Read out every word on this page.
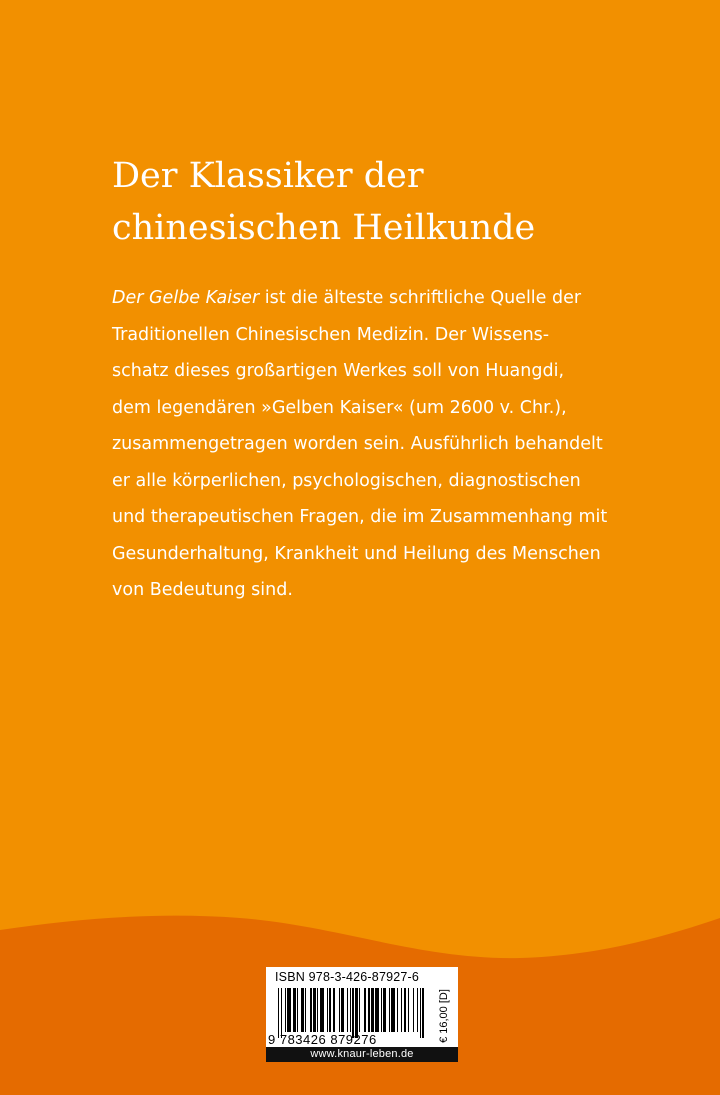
Der Klassiker der
chinesischen Heilkunde
Der Gelbe Kaiser ist die älteste schriftliche Quelle der
Traditionellen Chinesischen Medizin. Der Wissens-
schatz dieses großartigen Werkes soll von Huangdi,
dem legendären »Gelben Kaiser« (um 2600 v. Chr.),
zusammengetragen worden sein. Ausführlich behandelt
er alle körperlichen, psychologischen, diagnostischen
und therapeutischen Fragen, die im Zusammenhang mit
Gesunderhaltung, Krankheit und Heilung des Menschen
von Bedeutung sind.
ISBN 978-3-426-87927-6
9 783426 879276	€ 16,00 [D]
www.knaur-leben.de
